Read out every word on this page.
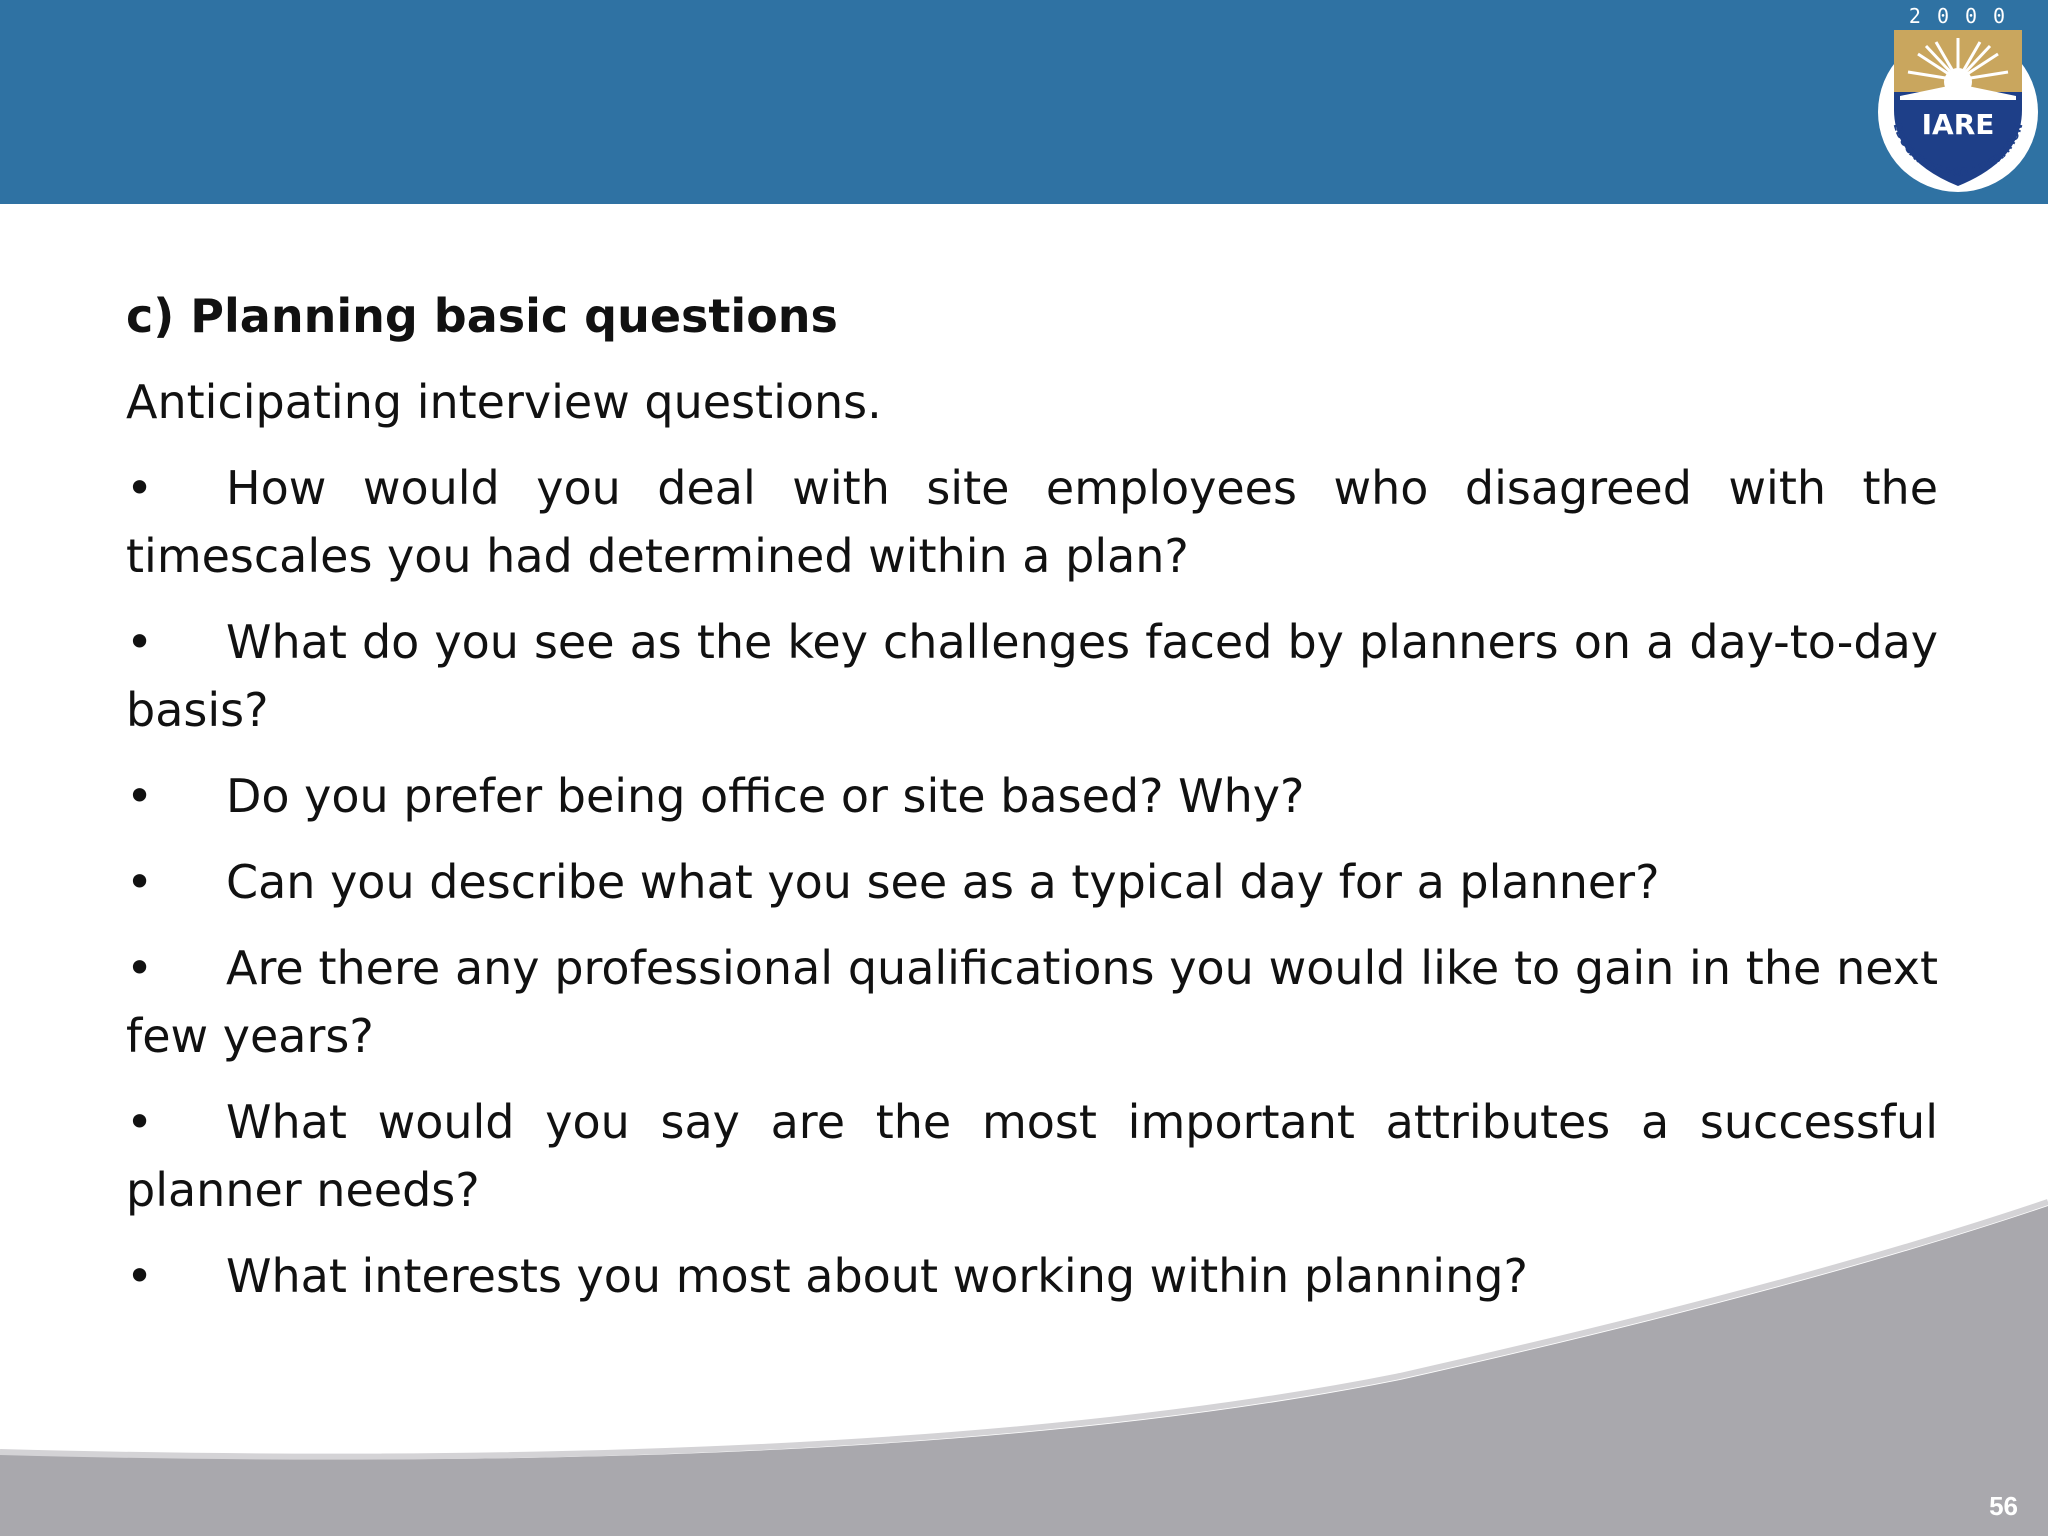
IARE
EDUCATION FOR LIBERATION
2000
c) Planning basic questions
Anticipating interview questions.
• How would you deal with site employees who disagreed with the timescales you had determined within a plan?
• What do you see as the key challenges faced by planners on a day-to-day basis?
• Do you prefer being office or site based? Why?
• Can you describe what you see as a typical day for a planner?
• Are there any professional qualifications you would like to gain in the next few years?
• What would you say are the most important attributes a successful planner needs?
• What interests you most about working within planning?
56
